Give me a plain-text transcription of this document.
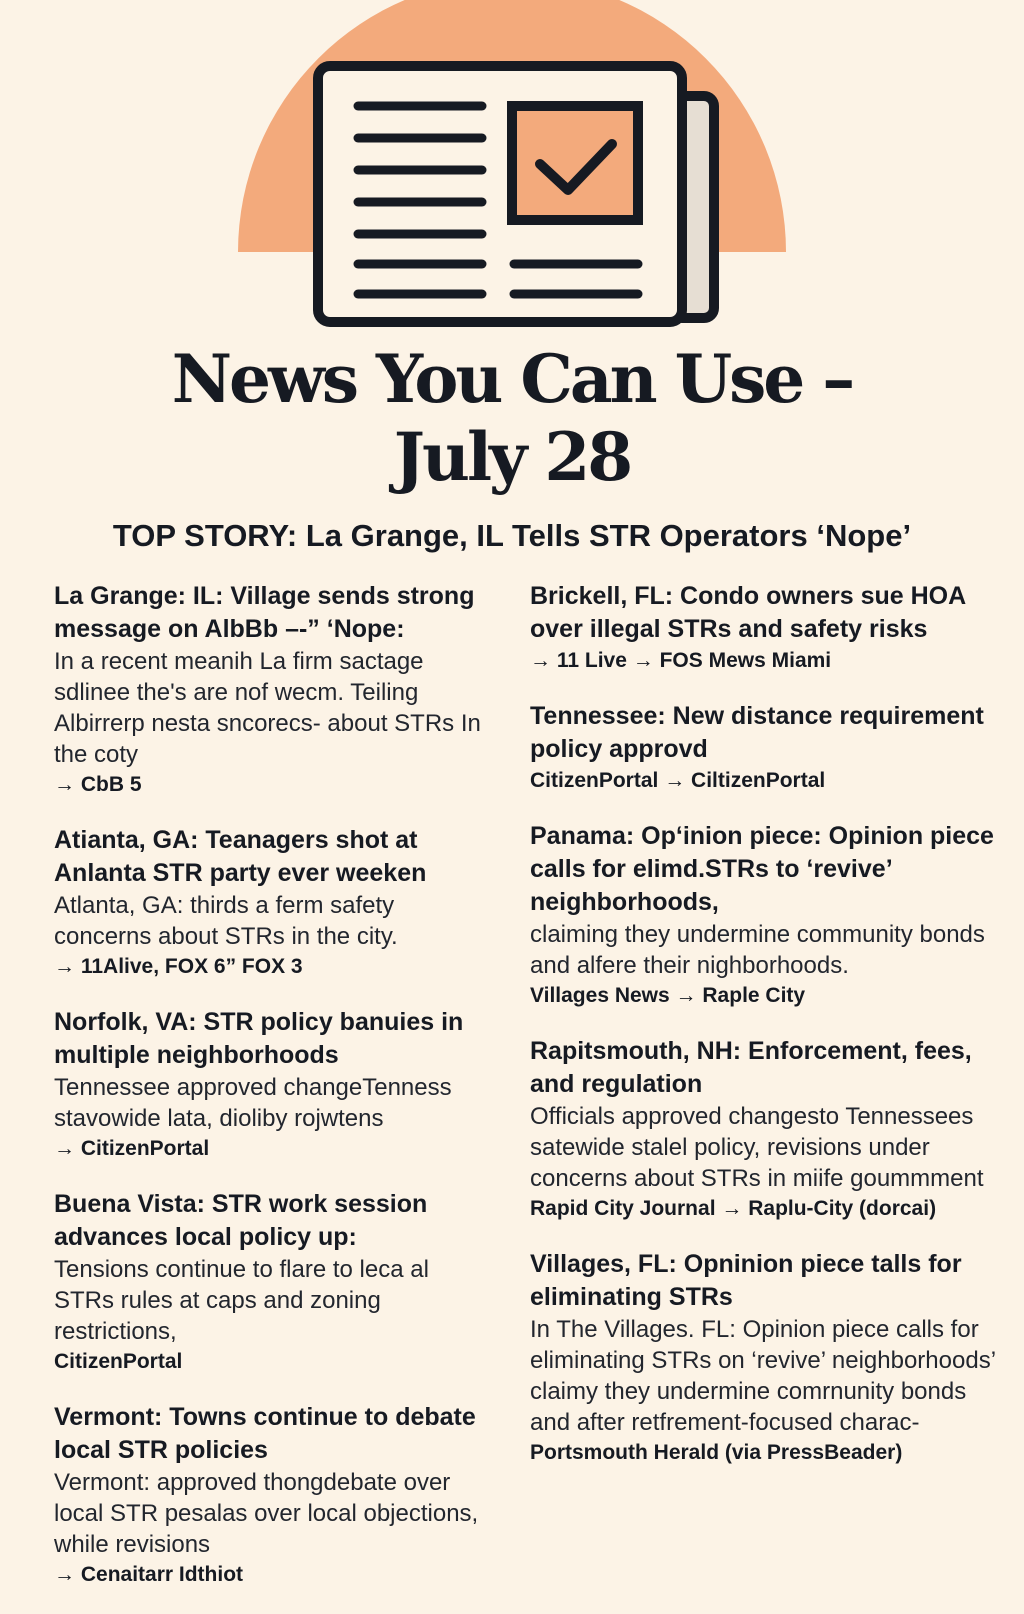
News You Can Use –
July 28
TOP STORY: La Grange, IL Tells STR Operators ‘Nope’
La Grange: IL: Village sends strong message on AlbBb –-” ‘Nope:
In a recent meanih La firm sactage sdlinee the's are nof wecm. Teiling Albirrerp nesta sncorecs- about STRs In the coty
→ CbB 5
Atianta, GA: Teanagers shot at Anlanta STR party ever weeken
Atlanta, GA: thirds a ferm safety concerns about STRs in the city.
→ 11Alive, FOX 6” FOX 3
Norfolk, VA: STR policy banuies in multiple neighborhoods
Tennessee approved changeTenness stavowide lata, dioliby rojwtens
→ CitizenPortal
Buena Vista: STR work session advances local policy up:
Tensions continue to flare to leca al STRs rules at caps and zoning restrictions,
CitizenPortal
Vermont: Towns continue to debate local STR policies
Vermont: approved thongdebate over local STR pesalas over local objections, while revisions
→ Cenaitarr Idthiot
Brickell, FL: Condo owners sue HOA over illegal STRs and safety risks
→ 11 Live → FOS Mews Miami
Tennessee: New distance requirement policy approvd
CitizenPortal → CiltizenPortal
Panama: Op‘inion piece: Opinion piece calls for elimd.STRs to ‘revive’ neighborhoods,
claiming they undermine community bonds and alfere their nighborhoods.
Villages News → Raple City
Rapitsmouth, NH: Enforcement, fees, and regulation
Officials approved changesto Tennessees satewide stalel policy, revisions under concerns about STRs in miife goummment
Rapid City Journal → Raplu-City (dorcai)
Villages, FL: Opninion piece talls for eliminating STRs
In The Villages. FL: Opinion piece calls for eliminating STRs on ‘revive’ neighborhoods’ claimy they undermine comrnunity bonds and after retfrement-focused charac-
Portsmouth Herald (via PressBeader)
